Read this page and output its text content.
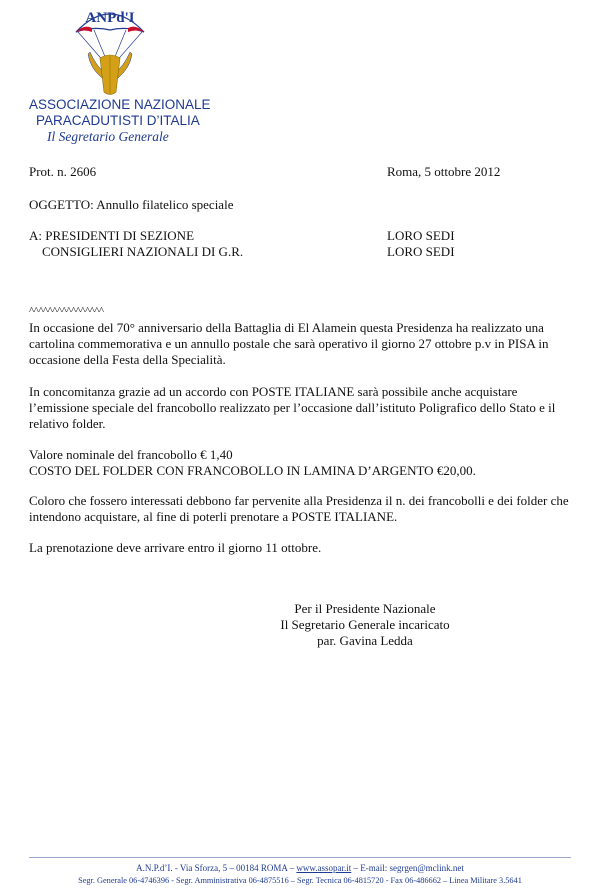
ANPd'I
ASSOCIAZIONE NAZIONALE
PARACADUTISTI D’ITALIA
Il Segretario Generale
Prot. n. 2606	Roma, 5 ottobre 2012
OGGETTO: Annullo filatelico speciale
A: PRESIDENTI DI SEZIONE	LORO SEDI
CONSIGLIERI NAZIONALI DI G.R.	LORO SEDI
^^^^^^^^^^^^^^^^

In occasione del 70° anniversario della Battaglia di El Alamein questa Presidenza ha realizzato una cartolina commemorativa e un annullo postale che sarà operativo il giorno 27 ottobre p.v in PISA in occasione della Festa della Specialità.

In concomitanza grazie ad un accordo con POSTE ITALIANE sarà possibile anche acquistare l’emissione speciale del francobollo realizzato per l’occasione dall’istituto Poligrafico dello Stato e il relativo folder.

Valore nominale del francobollo € 1,40

COSTO DEL FOLDER CON FRANCOBOLLO IN LAMINA D’ARGENTO €20,00.

Coloro che fossero interessati debbono far pervenite alla Presidenza il n. dei francobolli e dei folder che intendono acquistare, al fine di poterli prenotare a POSTE ITALIANE.

La prenotazione deve arrivare entro il giorno 11 ottobre.

Per il Presidente Nazionale
Il Segretario Generale incaricato
par. Gavina Ledda
A.N.P.d’I. - Via Sforza, 5 – 00184 ROMA – www.assopar.it – E-mail: segrgen@mclink.net
Segr. Generale 06-4746396 - Segr. Amministrativa 06-4875516 – Segr. Tecnica 06-4815720 - Fax 06-486662 – Linea Militare 3.5641
